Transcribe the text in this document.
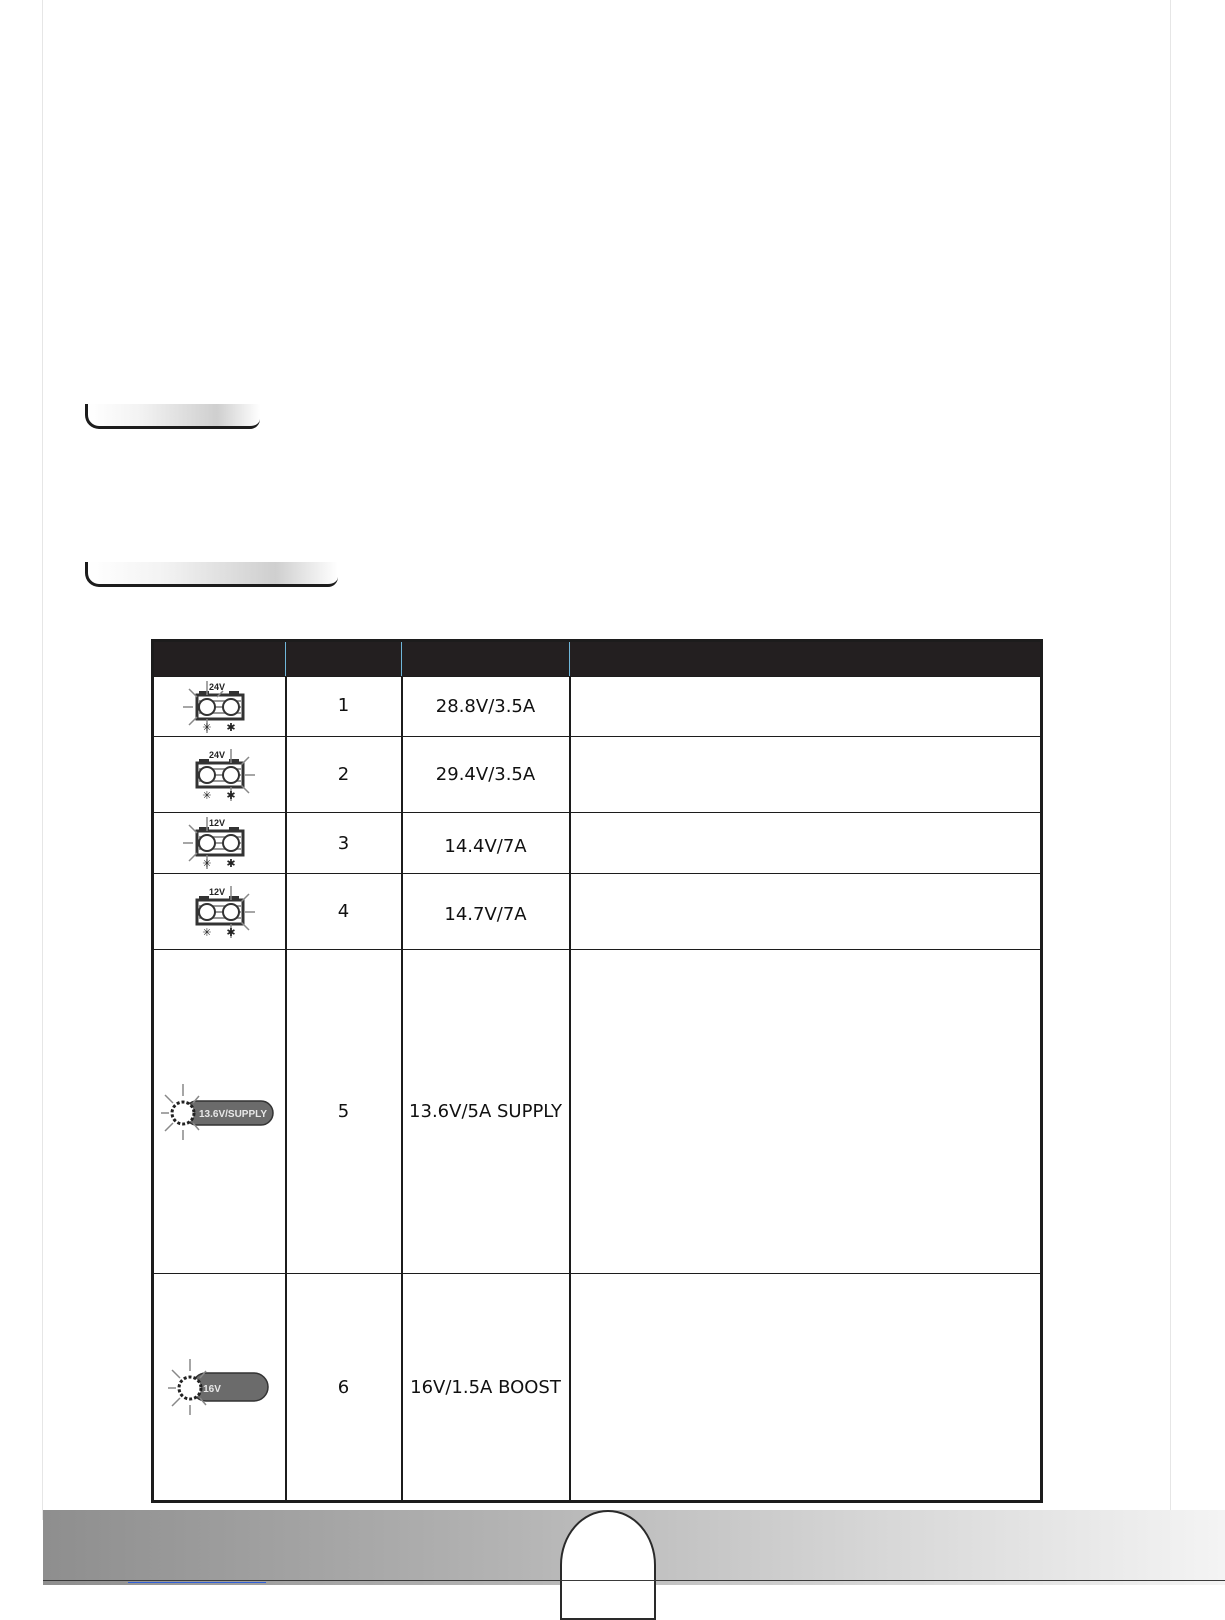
24V
✳ ✱	1	28.8V/3.5A	

24V
✳ ✱	2	29.4V/3.5A	

12V
✳ ✱	3	14.4V/7A	

12V
✳ ✱	4	14.7V/7A	

13.6V/SUPPLY	5	13.6V/5A SUPPLY	

16V	6	16V/1.5A BOOST	
